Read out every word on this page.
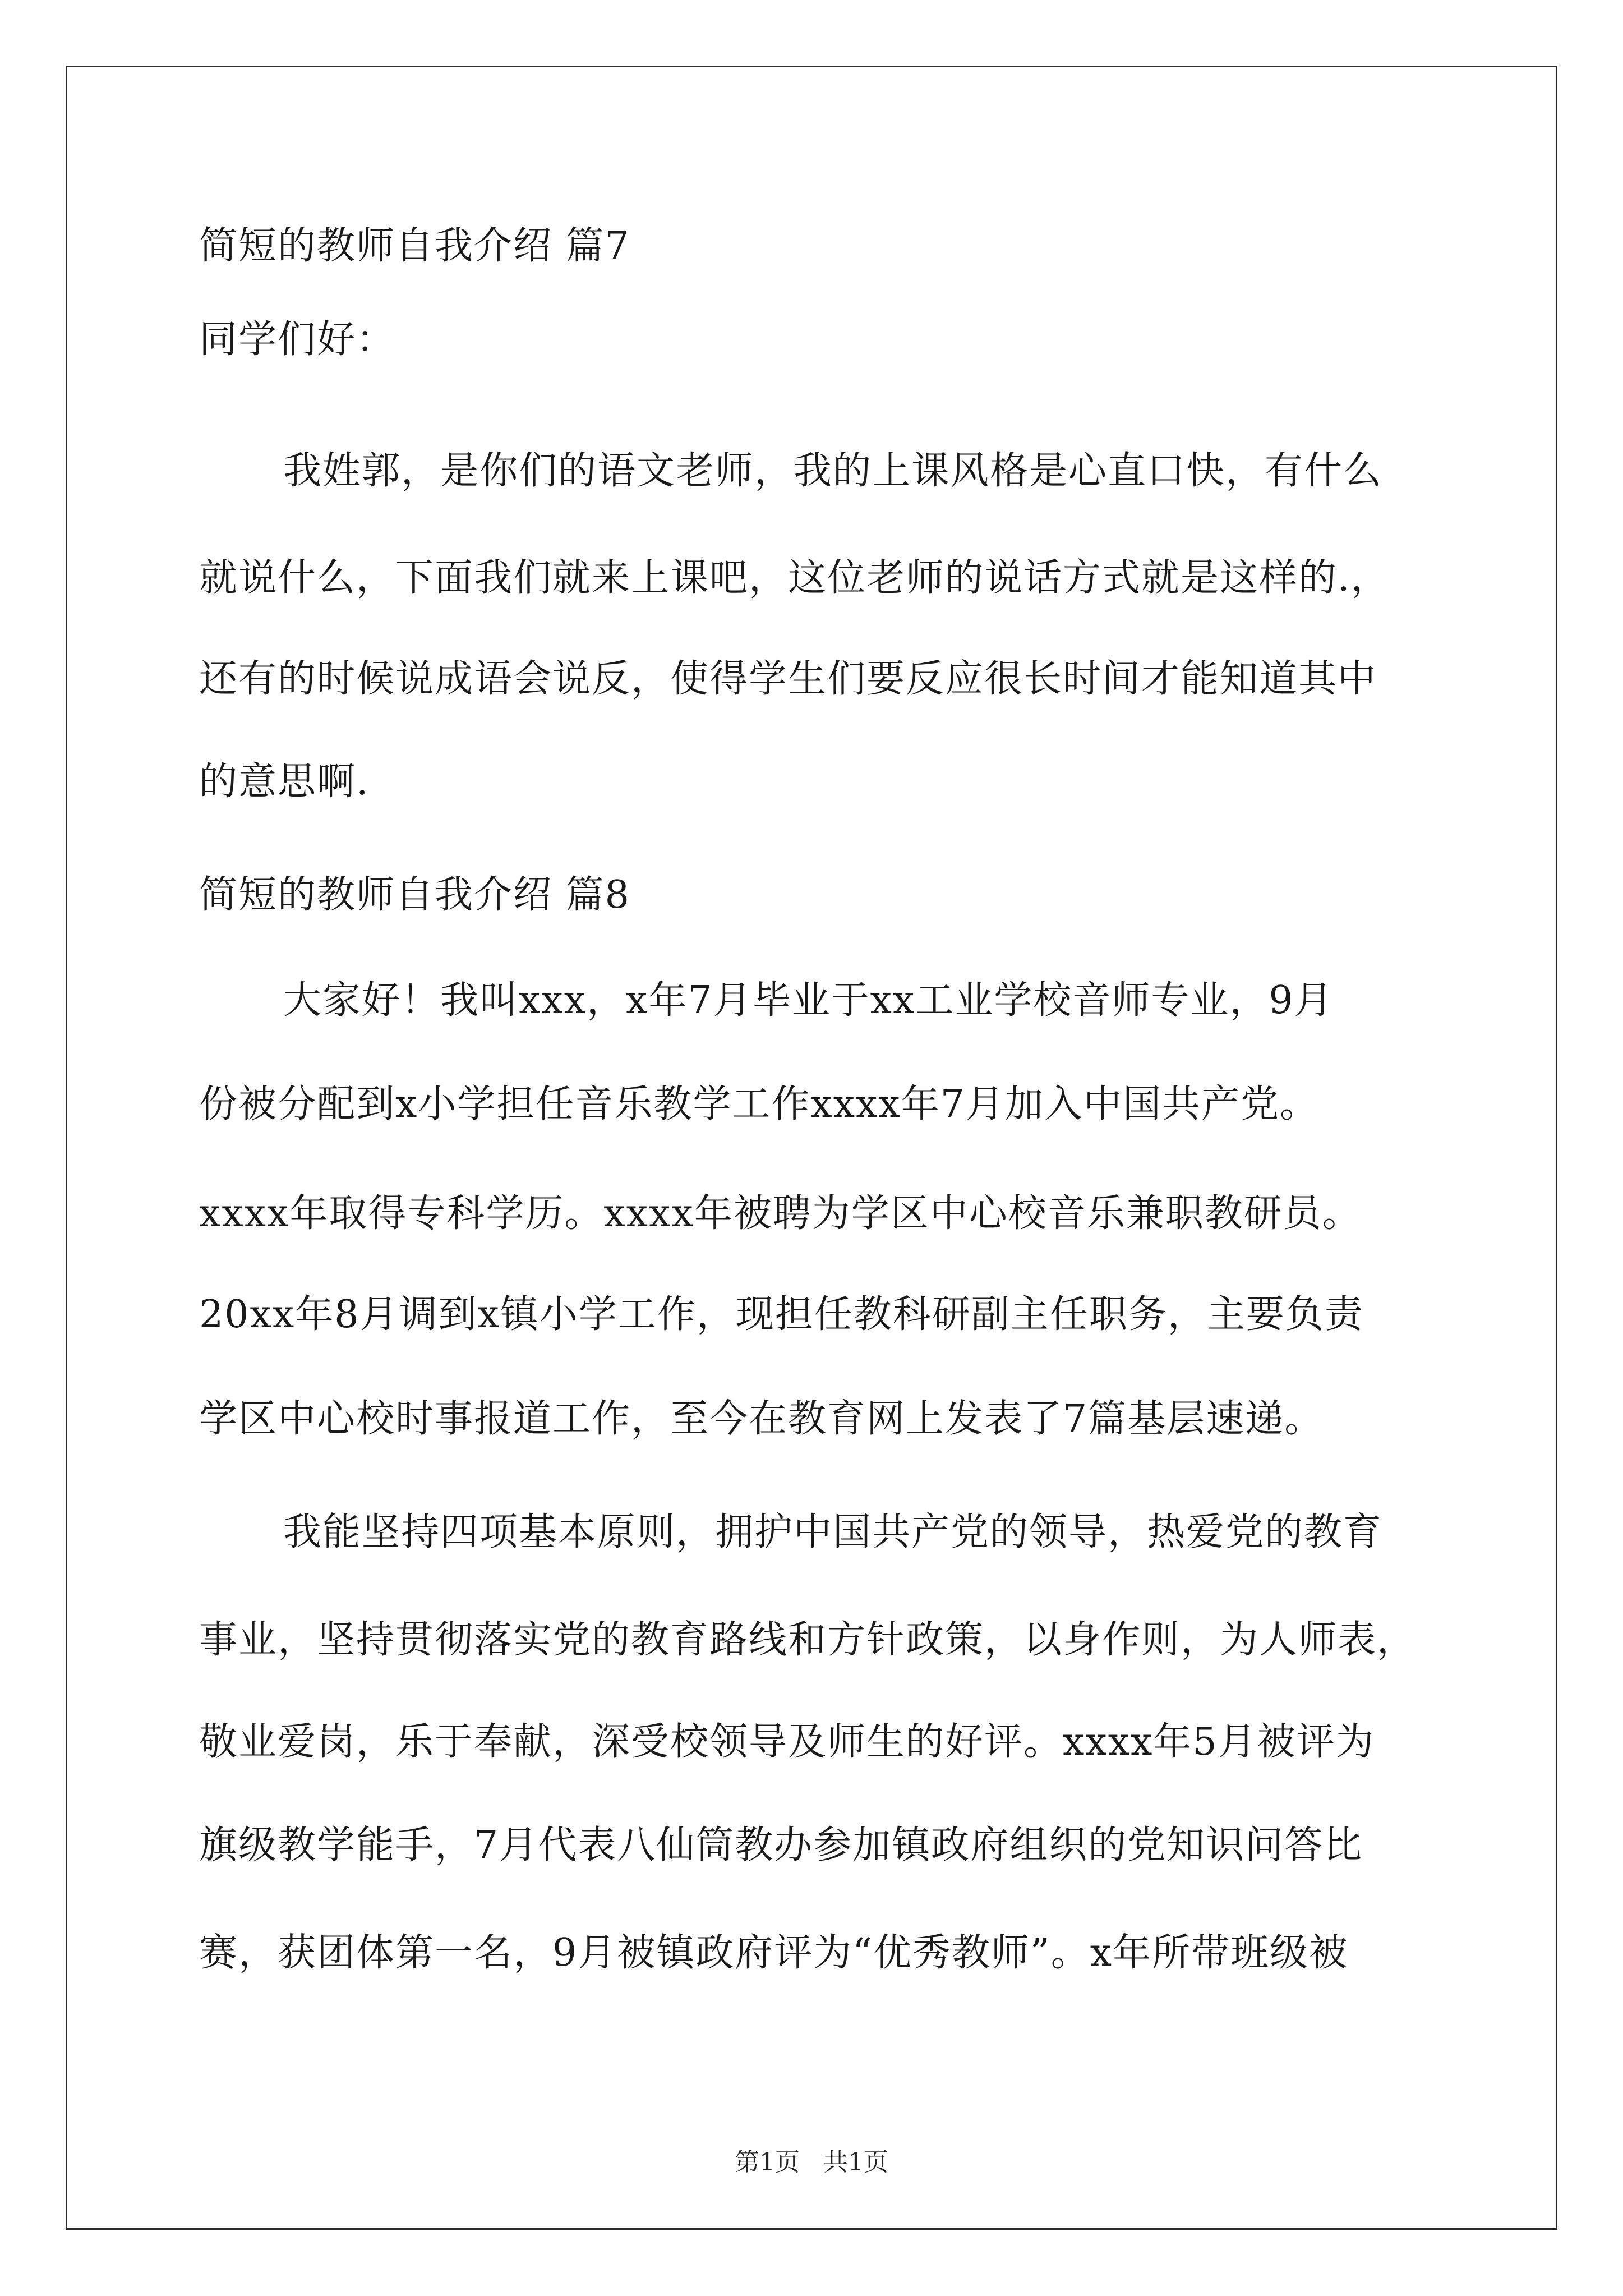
简短的教师自我介绍 篇7
同学们好：
我姓郭，是你们的语文老师，我的上课风格是心直口快，有什么
就说什么，下面我们就来上课吧，这位老师的说话方式就是这样的.，
还有的时候说成语会说反，使得学生们要反应很长时间才能知道其中
的意思啊.
简短的教师自我介绍 篇8
大家好！我叫xxx，x年7月毕业于xx工业学校音师专业，9月
份被分配到x小学担任音乐教学工作xxxx年7月加入中国共产党。
xxxx年取得专科学历。xxxx年被聘为学区中心校音乐兼职教研员。
20xx年8月调到x镇小学工作，现担任教科研副主任职务，主要负责
学区中心校时事报道工作，至今在教育网上发表了7篇基层速递。
我能坚持四项基本原则，拥护中国共产党的领导，热爱党的教育
事业，坚持贯彻落实党的教育路线和方针政策，以身作则，为人师表，
敬业爱岗，乐于奉献，深受校领导及师生的好评。xxxx年5月被评为
旗级教学能手，7月代表八仙筒教办参加镇政府组织的党知识问答比
赛，获团体第一名，9月被镇政府评为“优秀教师”。x年所带班级被
第1页   共1页
